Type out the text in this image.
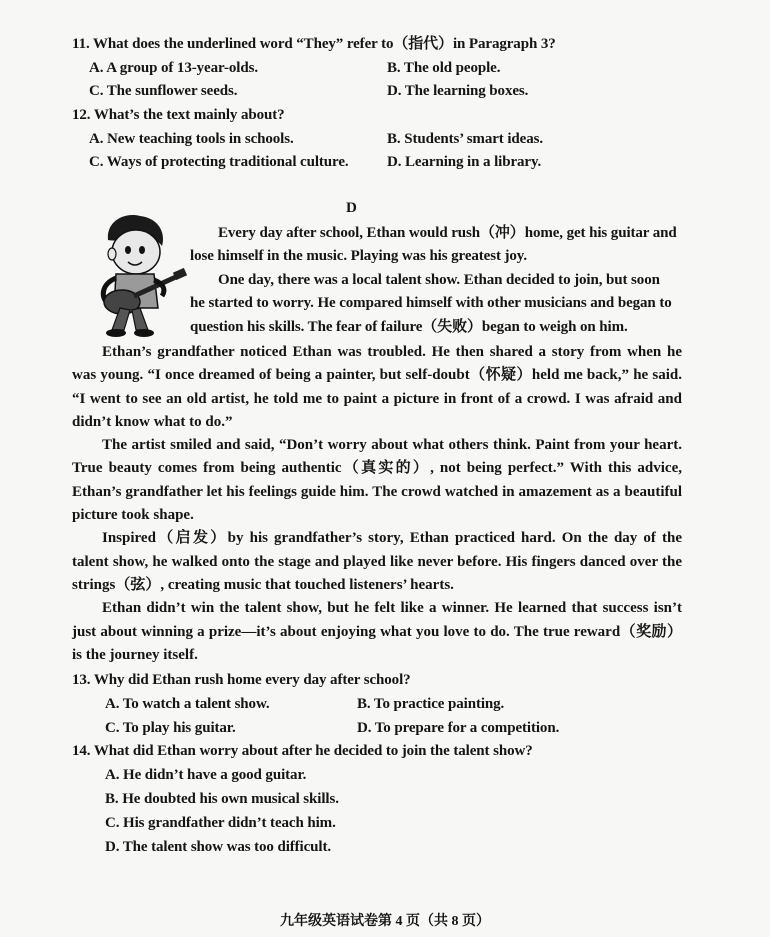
11. What does the underlined word “They” refer to（指代）in Paragraph 3?
A. A group of 13-year-olds.	B. The old people.
C. The sunflower seeds.	D. The learning boxes.
12. What’s the text mainly about?
A. New teaching tools in schools.	B. Students’ smart ideas.
C. Ways of protecting traditional culture.	D. Learning in a library.
D
Every day after school, Ethan would rush（冲）home, get his guitar and
lose himself in the music. Playing was his greatest joy.
One day, there was a local talent show. Ethan decided to join, but soon
he started to worry. He compared himself with other musicians and began to
question his skills. The fear of failure（失败）began to weigh on him.

Ethan’s grandfather noticed Ethan was troubled. He then shared a story from when he was young. “I once dreamed of being a painter, but self-doubt（怀疑）held me back,” he said. “I went to see an old artist, he told me to paint a picture in front of a crowd. I was afraid and didn’t know what to do.”

The artist smiled and said, “Don’t worry about what others think. Paint from your heart. True beauty comes from being authentic（真实的）, not being perfect.” With this advice, Ethan’s grandfather let his feelings guide him. The crowd watched in amazement as a beautiful picture took shape.

Inspired（启发）by his grandfather’s story, Ethan practiced hard. On the day of the talent show, he walked onto the stage and played like never before. His fingers danced over the strings（弦）, creating music that touched listeners’ hearts.

Ethan didn’t win the talent show, but he felt like a winner. He learned that success isn’t just about winning a prize—it’s about enjoying what you love to do. The true reward（奖励）is the journey itself.

13. Why did Ethan rush home every day after school?
A. To watch a talent show.	B. To practice painting.
C. To play his guitar.	D. To prepare for a competition.
14. What did Ethan worry about after he decided to join the talent show?
A. He didn’t have a good guitar.
B. He doubted his own musical skills.
C. His grandfather didn’t teach him.
D. The talent show was too difficult.
九年级英语试卷第 4 页（共 8 页）
